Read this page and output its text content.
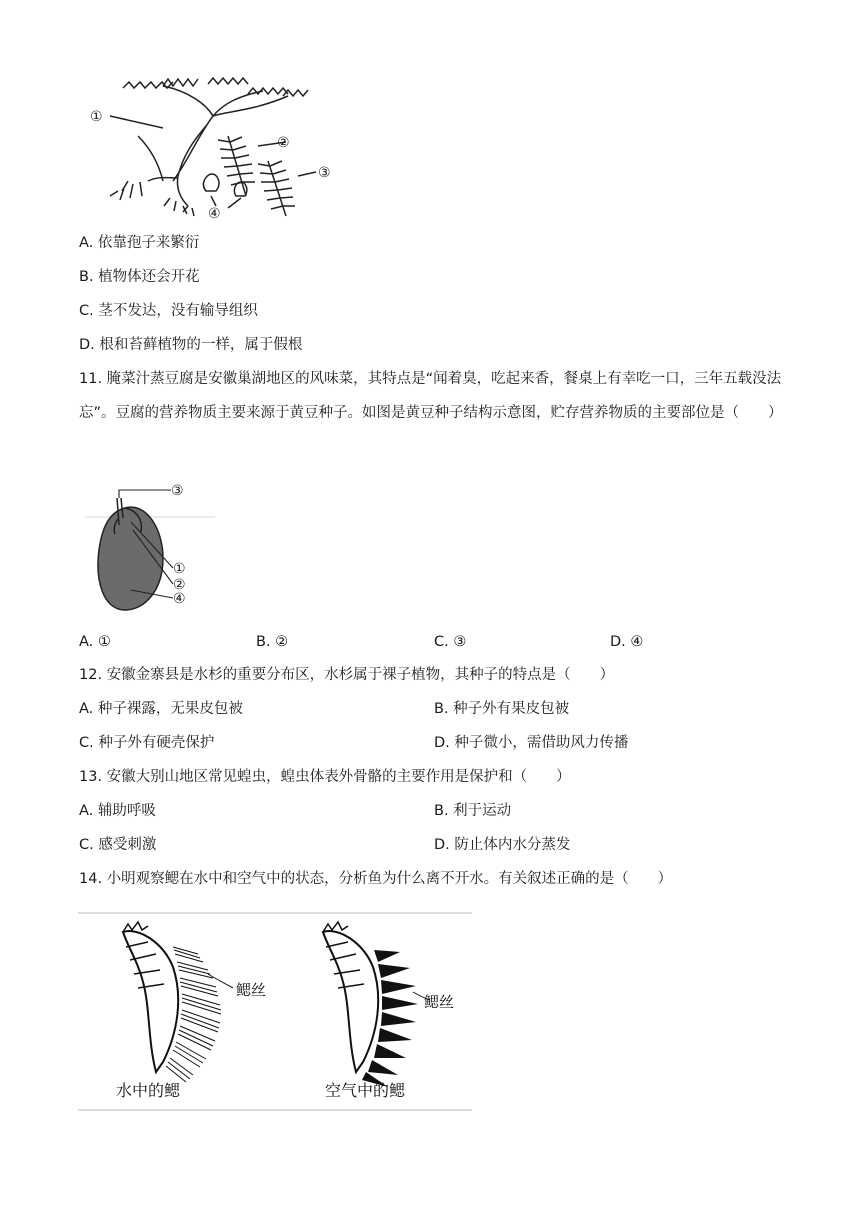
①
②
③
④
A. 依靠孢子来繁衍
B. 植物体还会开花
C. 茎不发达，没有输导组织
D. 根和苔藓植物的一样，属于假根
11. 腌菜汁蒸豆腐是安徽巢湖地区的风味菜，其特点是“闻着臭，吃起来香，餐桌上有幸吃一口，三年五载没法忘”。豆腐的营养物质主要来源于黄豆种子。如图是黄豆种子结构示意图，贮存营养物质的主要部位是（　　）
③
①
②
④
A. ①	B. ②	C. ③	D. ④
12. 安徽金寨县是水杉的重要分布区，水杉属于裸子植物，其种子的特点是（　　）
A. 种子裸露，无果皮包被	B. 种子外有果皮包被
C. 种子外有硬壳保护	D. 种子微小，需借助风力传播
13. 安徽大别山地区常见蝗虫，蝗虫体表外骨骼的主要作用是保护和（　　）
A. 辅助呼吸	B. 利于运动
C. 感受刺激	D. 防止体内水分蒸发
14. 小明观察鳃在水中和空气中的状态，分析鱼为什么离不开水。有关叙述正确的是（　　）
鳃丝
水中的鳃
鳃丝
空气中的鳃
